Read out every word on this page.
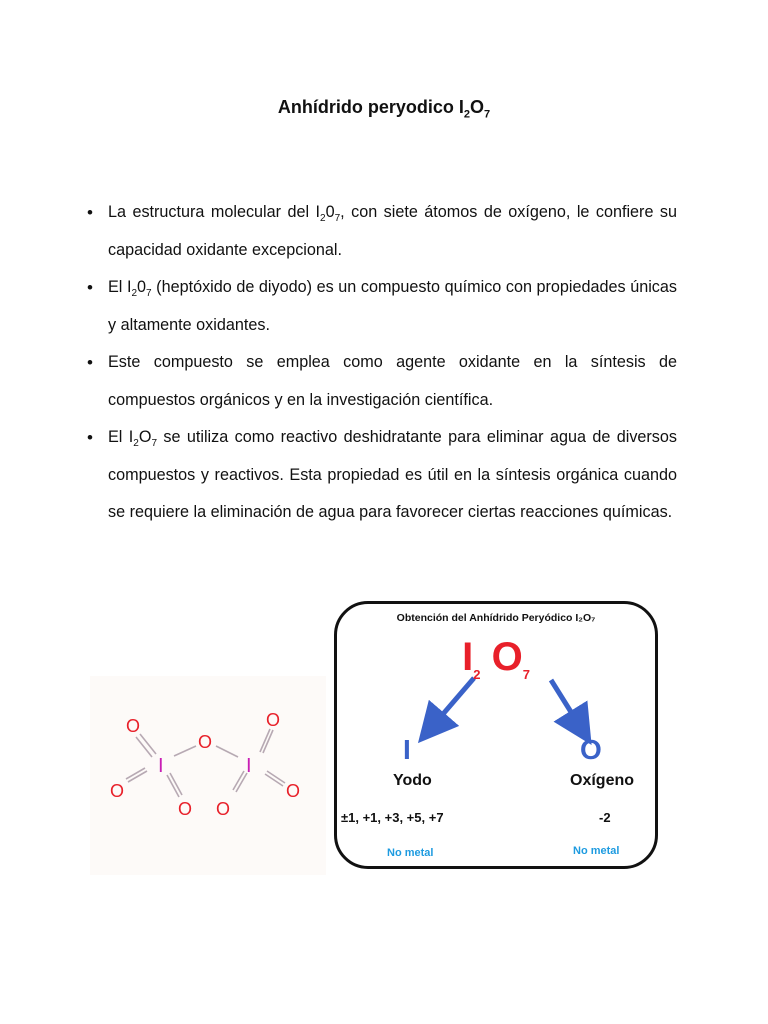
Anhídrido peryodico $I_2O_7$
• La estructura molecular del $I_20_7$, con siete átomos de oxígeno, le confiere su capacidad oxidante excepcional.
• El $I_20_7$ (heptóxido de diyodo) es un compuesto químico con propiedades únicas y altamente oxidantes.
• Este compuesto se emplea como agente oxidante en la síntesis de compuestos orgánicos y en la investigación científica.
• El $I_2O_7$ se utiliza como reactivo deshidratante para eliminar agua de diversos compuestos y reactivos. Esta propiedad es útil en la síntesis orgánica cuando se requiere la eliminación de agua para favorecer ciertas reacciones químicas.
O
O
O
O
O O
O
I	I
Obtención del Anhídrido Peryódico I₂O₇
$I_2$ $O_7$
I	O
Yodo	Oxígeno
±1, +1, +3, +5, +7	-2
No metal	No metal
